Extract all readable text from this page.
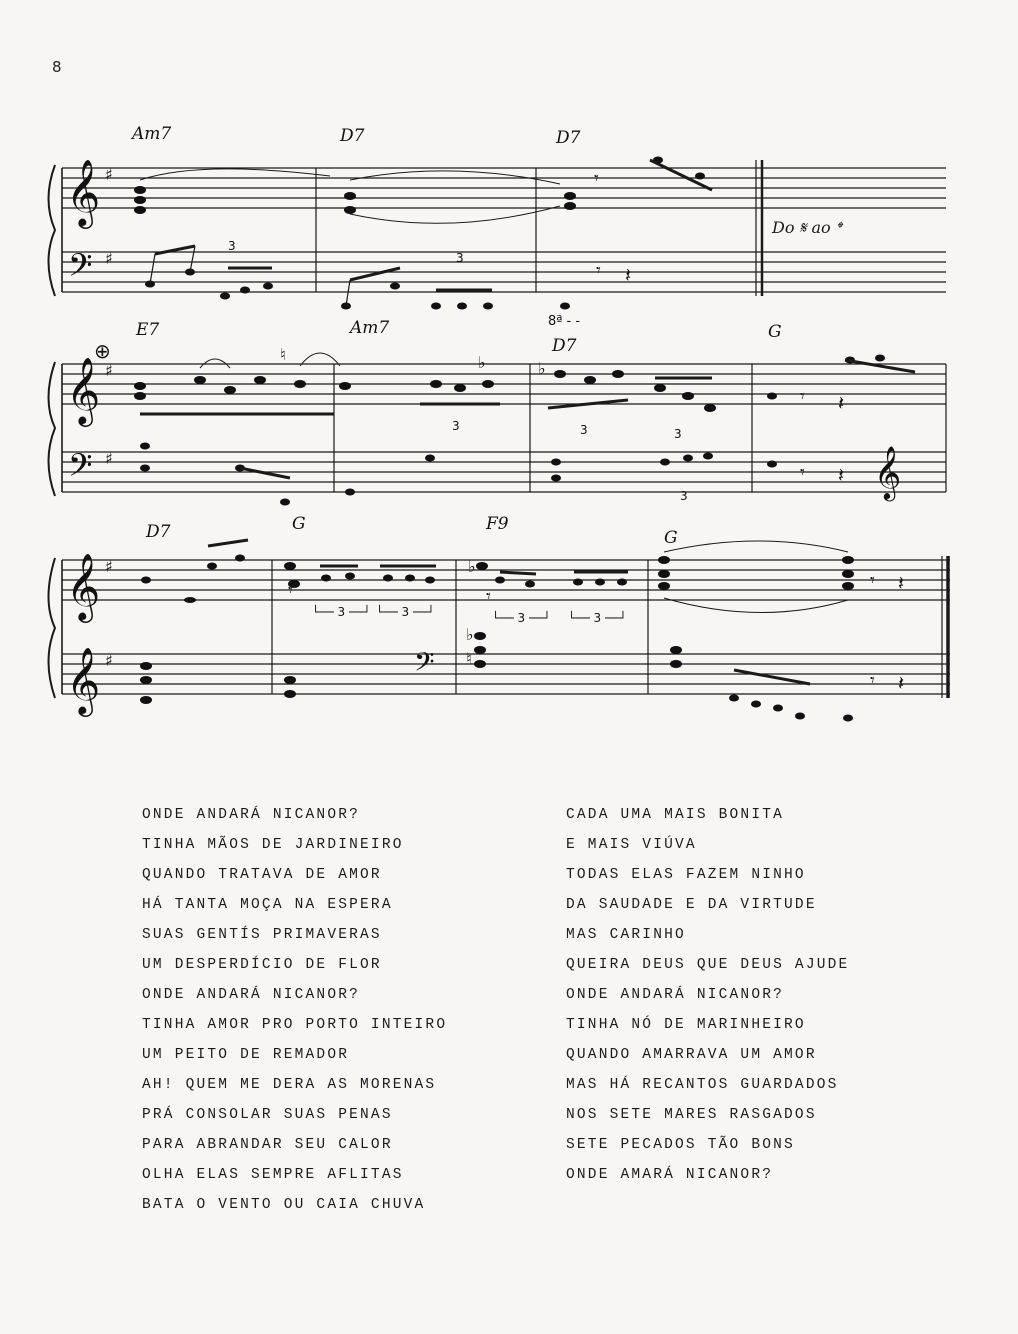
8
𝄞
𝄢
♯
♯
3
3
𝄾
𝄾 𝄽
8ª - -
𝄞
𝄢
♯
♯
3	3	3
3
♮	♭	♭
𝄾 𝄽
𝄾 𝄽 𝄞
⊕
𝄞
𝄞
♯
♯
└── 3 ──┘ └── 3 ──┘	└── 3 ──┘ └── 3 ──┘
𝄢
♭
♭
♮
𝄾	𝄾
𝄾 𝄽
𝄾 𝄽
Am7	D7	D7
Do 𝄋 ao 𝄌
E7	Am7
D7
G
D7	G	F9
G
ONDE ANDARÁ NICANOR?
TINHA MÃOS DE JARDINEIRO
QUANDO TRATAVA DE AMOR
HÁ TANTA MOÇA NA ESPERA
SUAS GENTÍS PRIMAVERAS
UM DESPERDÍCIO DE FLOR
ONDE ANDARÁ NICANOR?
TINHA AMOR PRO PORTO INTEIRO
UM PEITO DE REMADOR
AH! QUEM ME DERA AS MORENAS
PRÁ CONSOLAR SUAS PENAS
PARA ABRANDAR SEU CALOR
OLHA ELAS SEMPRE AFLITAS
BATA O VENTO OU CAIA CHUVA
CADA UMA MAIS BONITA
E MAIS VIÚVA
TODAS ELAS FAZEM NINHO
DA SAUDADE E DA VIRTUDE
MAS CARINHO
QUEIRA DEUS QUE DEUS AJUDE
ONDE ANDARÁ NICANOR?
TINHA NÓ DE MARINHEIRO
QUANDO AMARRAVA UM AMOR
MAS HÁ RECANTOS GUARDADOS
NOS SETE MARES RASGADOS
SETE PECADOS TÃO BONS
ONDE AMARÁ NICANOR?
